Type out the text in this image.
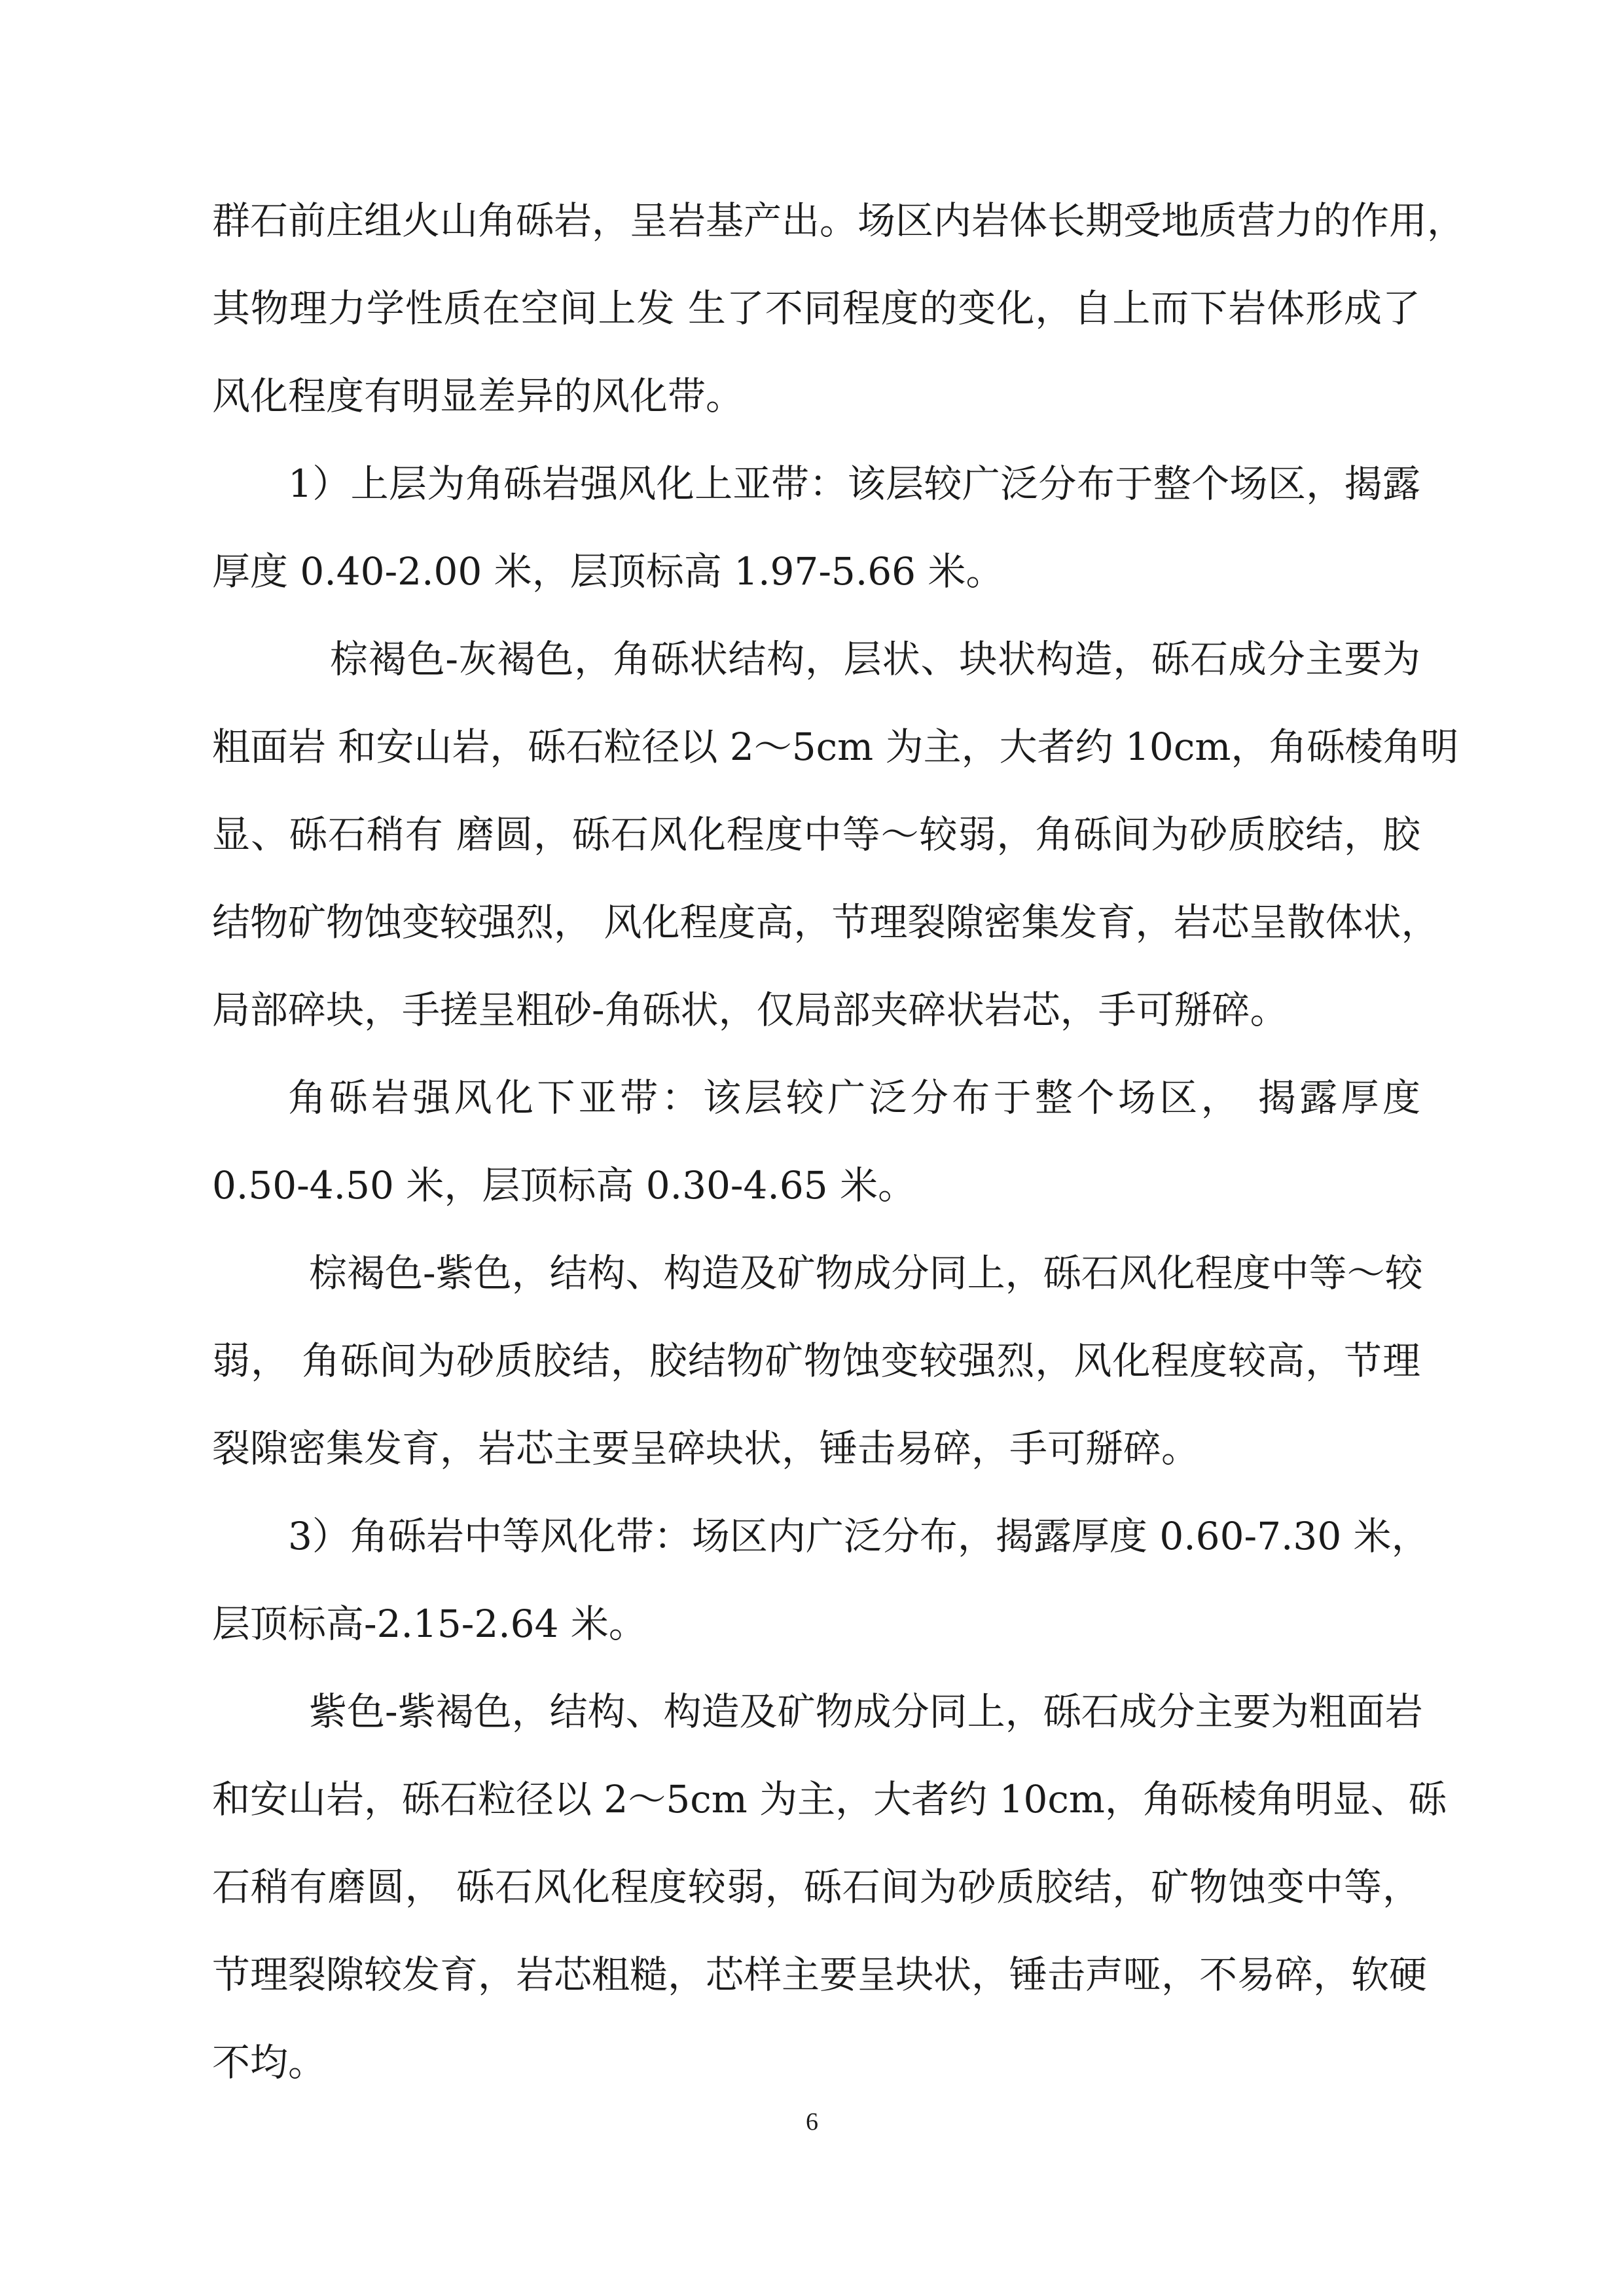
群石前庄组火山角砾岩，呈岩基产出。场区内岩体长期受地质营力的作用，
其物理力学性质在空间上发 生了不同程度的变化，自上而下岩体形成了
风化程度有明显差异的风化带。
1）上层为角砾岩强风化上亚带：该层较广泛分布于整个场区，揭露
厚度 0.40-2.00 米，层顶标高 1.97-5.66 米。
棕褐色-灰褐色，角砾状结构，层状、块状构造，砾石成分主要为
粗面岩 和安山岩，砾石粒径以 2～5cm 为主，大者约 10cm，角砾棱角明
显、砾石稍有 磨圆，砾石风化程度中等～较弱，角砾间为砂质胶结，胶
结物矿物蚀变较强烈， 风化程度高，节理裂隙密集发育，岩芯呈散体状，
局部碎块，手搓呈粗砂-角砾状，仅局部夹碎状岩芯，手可掰碎。
角砾岩强风化下亚带：该层较广泛分布于整个场区， 揭露厚度
0.50-4.50 米，层顶标高 0.30-4.65 米。
棕褐色-紫色，结构、构造及矿物成分同上，砾石风化程度中等～较
弱， 角砾间为砂质胶结，胶结物矿物蚀变较强烈，风化程度较高，节理
裂隙密集发育，岩芯主要呈碎块状，锤击易碎，手可掰碎。
3）角砾岩中等风化带：场区内广泛分布，揭露厚度 0.60-7.30 米，
层顶标高-2.15-2.64 米。
紫色-紫褐色，结构、构造及矿物成分同上，砾石成分主要为粗面岩
和安山岩，砾石粒径以 2～5cm 为主，大者约 10cm，角砾棱角明显、砾
石稍有磨圆， 砾石风化程度较弱，砾石间为砂质胶结，矿物蚀变中等，
节理裂隙较发育，岩芯粗糙，芯样主要呈块状，锤击声哑，不易碎，软硬
不均。
6
